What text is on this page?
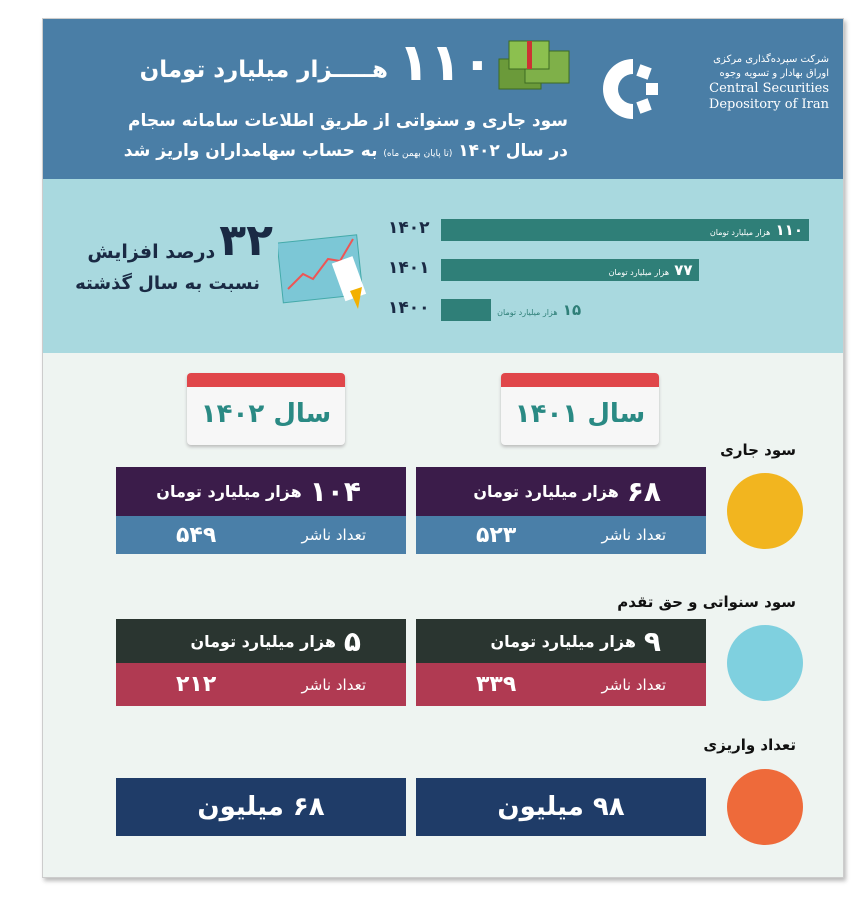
۱۱۰
هـــــزار میلیارد تومان
سود جاری و سنواتی از طریق اطلاعات سامانه سجام
در سال ۱۴۰۲ (تا پایان بهمن ماه) به حساب سهامداران واریز شد
شرکت سپرده‌گذاری مرکزی
اوراق بهادار و تسویه وجوه
Central Securities
Depository of Iran
۳۲
درصد افزایش
نسبت به سال گذشته
۱۴۰۲	۱۱۰ هزار میلیارد تومان
۱۴۰۱	۷۷ هزار میلیارد تومان
۱۴۰۰	۱۵ هزار میلیارد تومان
سال ۱۴۰۲	سال ۱۴۰۱
سود جاری
۱۰۴
هزار میلیارد تومان
تعداد ناشر
۵۴۹
۶۸
هزار میلیارد تومان
تعداد ناشر
۵۲۳
سود سنواتی و حق تقدم
۵
هزار میلیارد تومان
تعداد ناشر
۲۱۲
۹
هزار میلیارد تومان
تعداد ناشر
۳۳۹
تعداد واریزی
۶۸ میلیون	۹۸ میلیون
